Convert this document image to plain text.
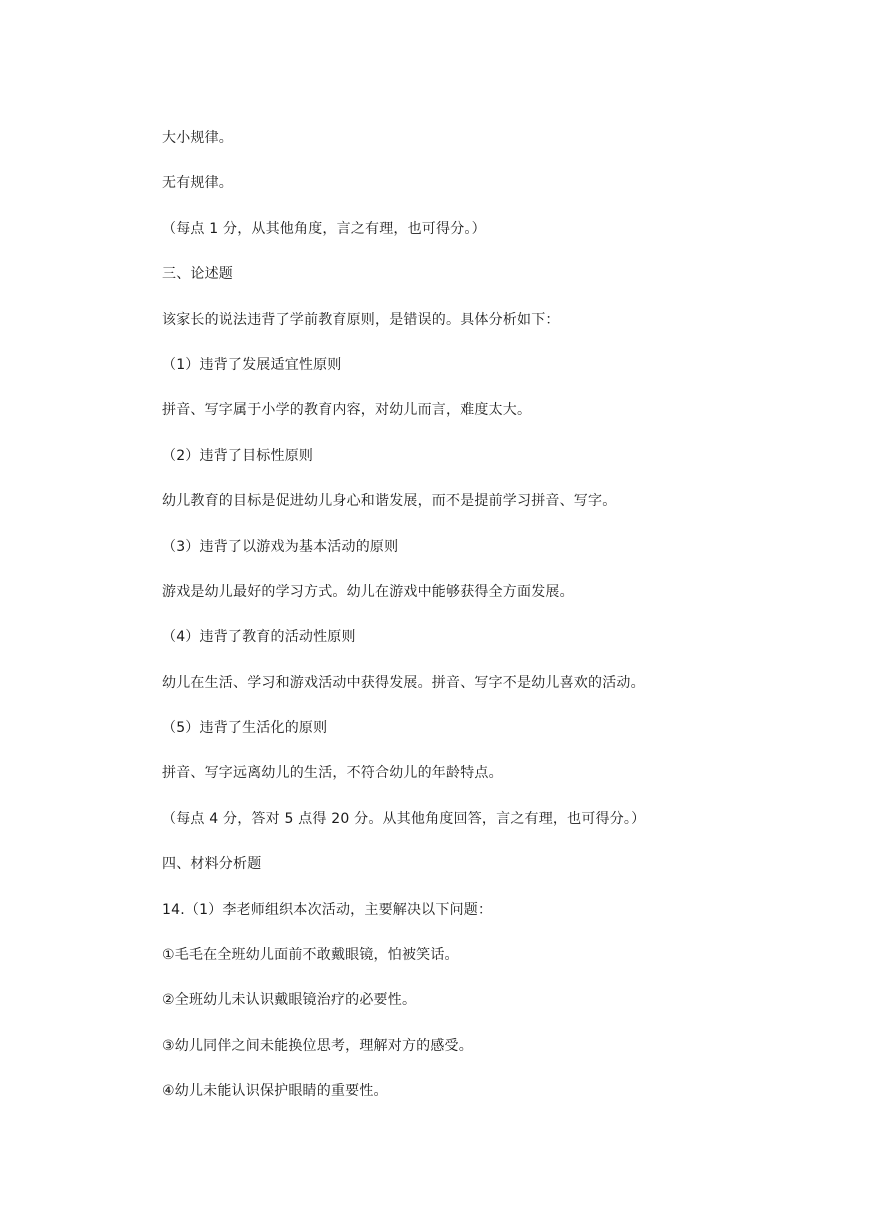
大小规律。

无有规律。

（每点 1 分，从其他角度，言之有理，也可得分。）

三、论述题

该家长的说法违背了学前教育原则，是错误的。具体分析如下：

（1）违背了发展适宜性原则

拼音、写字属于小学的教育内容，对幼儿而言，难度太大。

（2）违背了目标性原则

幼儿教育的目标是促进幼儿身心和谐发展，而不是提前学习拼音、写字。

（3）违背了以游戏为基本活动的原则

游戏是幼儿最好的学习方式。幼儿在游戏中能够获得全方面发展。

（4）违背了教育的活动性原则

幼儿在生活、学习和游戏活动中获得发展。拼音、写字不是幼儿喜欢的活动。

（5）违背了生活化的原则

拼音、写字远离幼儿的生活，不符合幼儿的年龄特点。

（每点 4 分，答对 5 点得 20 分。从其他角度回答，言之有理，也可得分。）

四、材料分析题

14.（1）李老师组织本次活动，主要解决以下问题：

①毛毛在全班幼儿面前不敢戴眼镜，怕被笑话。

②全班幼儿未认识戴眼镜治疗的必要性。

③幼儿同伴之间未能换位思考，理解对方的感受。

④幼儿未能认识保护眼睛的重要性。
